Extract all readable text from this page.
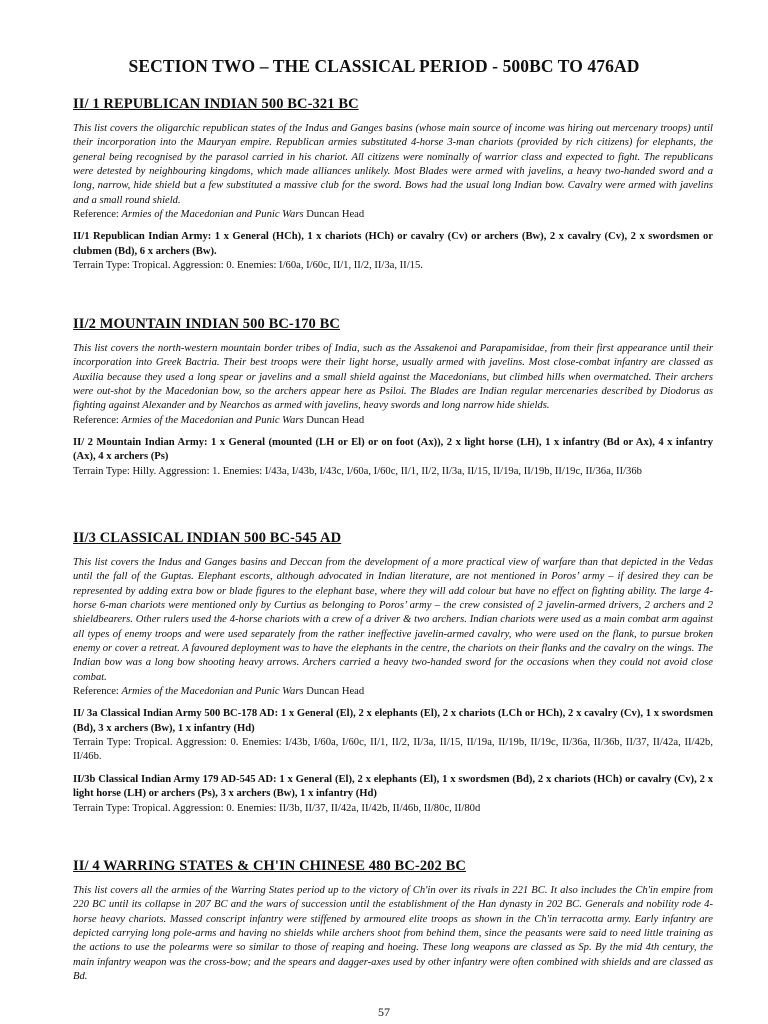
SECTION TWO – THE CLASSICAL PERIOD - 500BC TO 476AD
II/ 1 REPUBLICAN INDIAN 500 BC-321 BC

This list covers the oligarchic republican states of the Indus and Ganges basins (whose main source of income was hiring out mercenary troops) until their incorporation into the Mauryan empire. Republican armies substituted 4-horse 3-man chariots (provided by rich citizens) for elephants, the general being recognised by the parasol carried in his chariot. All citizens were nominally of warrior class and expected to fight. The republicans were detested by neighbouring kingdoms, which made alliances unlikely. Most Blades were armed with javelins, a heavy two-handed sword and a long, narrow, hide shield but a few substituted a massive club for the sword. Bows had the usual long Indian bow. Cavalry were armed with javelins and a small round shield.

Reference: Armies of the Macedonian and Punic Wars Duncan Head

II/1 Republican Indian Army: 1 x General (HCh), 1 x chariots (HCh) or cavalry (Cv) or archers (Bw), 2 x cavalry (Cv), 2 x swordsmen or clubmen (Bd), 6 x archers (Bw).

Terrain Type: Tropical. Aggression: 0. Enemies: I/60a, I/60c, II/1, II/2, II/3a, II/15.

II/2 MOUNTAIN INDIAN 500 BC-170 BC

This list covers the north-western mountain border tribes of India, such as the Assakenoi and Parapamisidae, from their first appearance until their incorporation into Greek Bactria. Their best troops were their light horse, usually armed with javelins. Most close-combat infantry are classed as Auxilia because they used a long spear or javelins and a small shield against the Macedonians, but climbed hills when overmatched. Their archers were out-shot by the Macedonian bow, so the archers appear here as Psiloi. The Blades are Indian regular mercenaries described by Diodorus as fighting against Alexander and by Nearchos as armed with javelins, heavy swords and long narrow hide shields.

Reference: Armies of the Macedonian and Punic Wars Duncan Head

II/ 2 Mountain Indian Army: 1 x General (mounted (LH or El) or on foot (Ax)), 2 x light horse (LH), 1 x infantry (Bd or Ax), 4 x infantry (Ax), 4 x archers (Ps)

Terrain Type: Hilly. Aggression: 1. Enemies: I/43a, I/43b, I/43c, I/60a, I/60c, II/1, II/2, II/3a, II/15, II/19a, II/19b, II/19c, II/36a, II/36b

II/3 CLASSICAL INDIAN 500 BC-545 AD

This list covers the Indus and Ganges basins and Deccan from the development of a more practical view of warfare than that depicted in the Vedas until the fall of the Guptas. Elephant escorts, although advocated in Indian literature, are not mentioned in Poros’ army – if desired they can be represented by adding extra bow or blade figures to the elephant base, where they will add colour but have no effect on fighting ability. The large 4-horse 6-man chariots were mentioned only by Curtius as belonging to Poros’ army – the crew consisted of 2 javelin-armed drivers, 2 archers and 2 shieldbearers. Other rulers used the 4-horse chariots with a crew of a driver & two archers. Indian chariots were used as a main combat arm against all types of enemy troops and were used separately from the rather ineffective javelin-armed cavalry, who were used on the flank, to pursue broken enemy or cover a retreat. A favoured deployment was to have the elephants in the centre, the chariots on their flanks and the cavalry on the wings. The Indian bow was a long bow shooting heavy arrows. Archers carried a heavy two-handed sword for the occasions when they could not avoid close combat.

Reference: Armies of the Macedonian and Punic Wars Duncan Head

II/ 3a Classical Indian Army 500 BC-178 AD: 1 x General (El), 2 x elephants (El), 2 x chariots (LCh or HCh), 2 x cavalry (Cv), 1 x swordsmen (Bd), 3 x archers (Bw), 1 x infantry (Hd)

Terrain Type: Tropical. Aggression: 0. Enemies: I/43b, I/60a, I/60c, II/1, II/2, II/3a, II/15, II/19a, II/19b, II/19c, II/36a, II/36b, II/37, II/42a, II/42b, II/46b.

II/3b Classical Indian Army 179 AD-545 AD: 1 x General (El), 2 x elephants (El), 1 x swordsmen (Bd), 2 x chariots (HCh) or cavalry (Cv), 2 x light horse (LH) or archers (Ps), 3 x archers (Bw), 1 x infantry (Hd)

Terrain Type: Tropical. Aggression: 0. Enemies: II/3b, II/37, II/42a, II/42b, II/46b, II/80c, II/80d

II/ 4 WARRING STATES & CH'IN CHINESE 480 BC-202 BC

This list covers all the armies of the Warring States period up to the victory of Ch'in over its rivals in 221 BC. It also includes the Ch'in empire from 220 BC until its collapse in 207 BC and the wars of succession until the establishment of the Han dynasty in 202 BC. Generals and nobility rode 4-horse heavy chariots. Massed conscript infantry were stiffened by armoured elite troops as shown in the Ch'in terracotta army. Early infantry are depicted carrying long pole-arms and having no shields while archers shoot from behind them, since the peasants were said to need little training as the actions to use the polearms were so similar to those of reaping and hoeing. These long weapons are classed as Sp. By the mid 4th century, the main infantry weapon was the cross-bow; and the spears and dagger-axes used by other infantry were often combined with shields and are classed as Bd.

57
